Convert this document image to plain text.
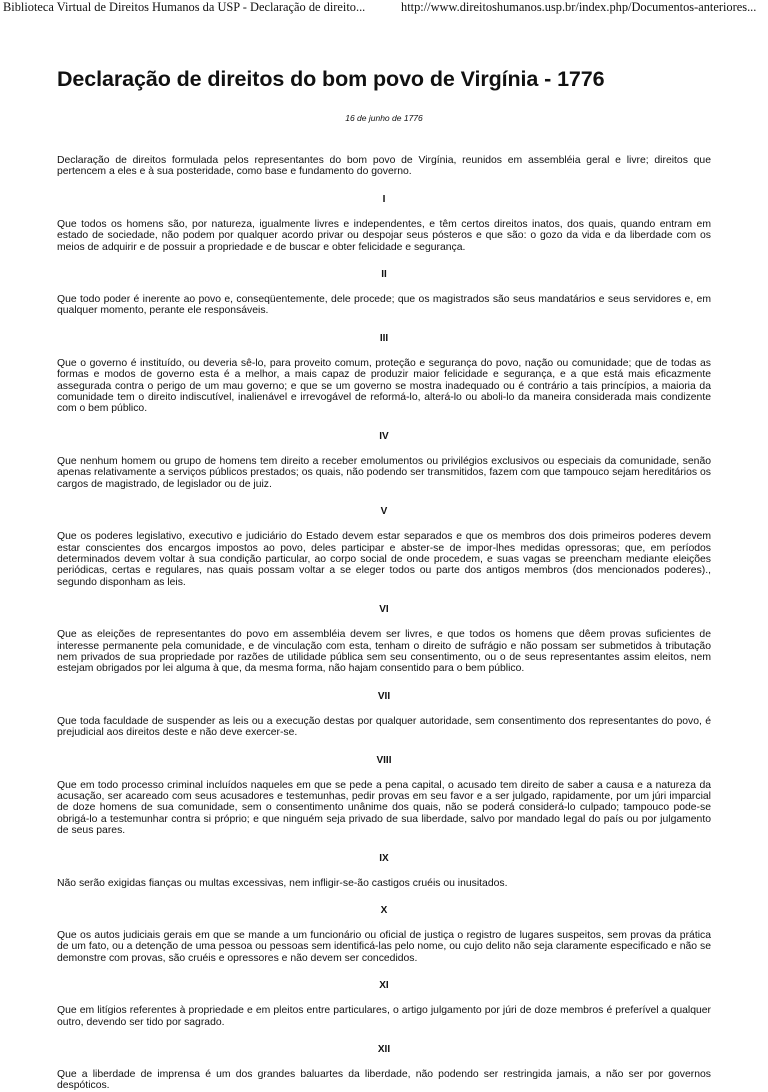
Biblioteca Virtual de Direitos Humanos da USP - Declaração de direito...	http://www.direitoshumanos.usp.br/index.php/Documentos-anteriores...
Declaração de direitos do bom povo de Virgínia - 1776
16 de junho de 1776

Declaração de direitos formulada pelos representantes do bom povo de Virgínia, reunidos em assembléia geral e livre; direitos que pertencem a eles e à sua posteridade, como base e fundamento do governo.

I

Que todos os homens são, por natureza, igualmente livres e independentes, e têm certos direitos inatos, dos quais, quando entram em estado de sociedade, não podem por qualquer acordo privar ou despojar seus pósteros e que são: o gozo da vida e da liberdade com os meios de adquirir e de possuir a propriedade e de buscar e obter felicidade e segurança.

II

Que todo poder é inerente ao povo e, conseqüentemente, dele procede; que os magistrados são seus mandatários e seus servidores e, em qualquer momento, perante ele responsáveis.

III

Que o governo é instituído, ou deveria sê-lo, para proveito comum, proteção e segurança do povo, nação ou comunidade; que de todas as formas e modos de governo esta é a melhor, a mais capaz de produzir maior felicidade e segurança, e a que está mais eficazmente assegurada contra o perigo de um mau governo; e que se um governo se mostra inadequado ou é contrário a tais princípios, a maioria da comunidade tem o direito indiscutível, inalienável e irrevogável de reformá-lo, alterá-lo ou aboli-lo da maneira considerada mais condizente com o bem público.

IV

Que nenhum homem ou grupo de homens tem direito a receber emolumentos ou privilégios exclusivos ou especiais da comunidade, senão apenas relativamente a serviços públicos prestados; os quais, não podendo ser transmitidos, fazem com que tampouco sejam hereditários os cargos de magistrado, de legislador ou de juiz.

V

Que os poderes legislativo, executivo e judiciário do Estado devem estar separados e que os membros dos dois primeiros poderes devem estar conscientes dos encargos impostos ao povo, deles participar e abster-se de impor-lhes medidas opressoras; que, em períodos determinados devem voltar à sua condição particular, ao corpo social de onde procedem, e suas vagas se preencham mediante eleições periódicas, certas e regulares, nas quais possam voltar a se eleger todos ou parte dos antigos membros (dos mencionados poderes)., segundo disponham as leis.

VI

Que as eleições de representantes do povo em assembléia devem ser livres, e que todos os homens que dêem provas suficientes de interesse permanente pela comunidade, e de vinculação com esta, tenham o direito de sufrágio e não possam ser submetidos à tributação nem privados de sua propriedade por razões de utilidade pública sem seu consentimento, ou o de seus representantes assim eleitos, nem estejam obrigados por lei alguma à que, da mesma forma, não hajam consentido para o bem público.

VII

Que toda faculdade de suspender as leis ou a execução destas por qualquer autoridade, sem consentimento dos representantes do povo, é prejudicial aos direitos deste e não deve exercer-se.

VIII

Que em todo processo criminal incluídos naqueles em que se pede a pena capital, o acusado tem direito de saber a causa e a natureza da acusação, ser acareado com seus acusadores e testemunhas, pedir provas em seu favor e a ser julgado, rapidamente, por um júri imparcial de doze homens de sua comunidade, sem o consentimento unânime dos quais, não se poderá considerá-lo culpado; tampouco pode-se obrigá-lo a testemunhar contra si próprio; e que ninguém seja privado de sua liberdade, salvo por mandado legal do país ou por julgamento de seus pares.

IX

Não serão exigidas fianças ou multas excessivas, nem infligir-se-ão castigos cruéis ou inusitados.

X

Que os autos judiciais gerais em que se mande a um funcionário ou oficial de justiça o registro de lugares suspeitos, sem provas da prática de um fato, ou a detenção de uma pessoa ou pessoas sem identificá-las pelo nome, ou cujo delito não seja claramente especificado e não se demonstre com provas, são cruéis e opressores e não devem ser concedidos.

XI

Que em litígios referentes à propriedade e em pleitos entre particulares, o artigo julgamento por júri de doze membros é preferível a qualquer outro, devendo ser tido por sagrado.

XII

Que a liberdade de imprensa é um dos grandes baluartes da liberdade, não podendo ser restringida jamais, a não ser por governos despóticos.
